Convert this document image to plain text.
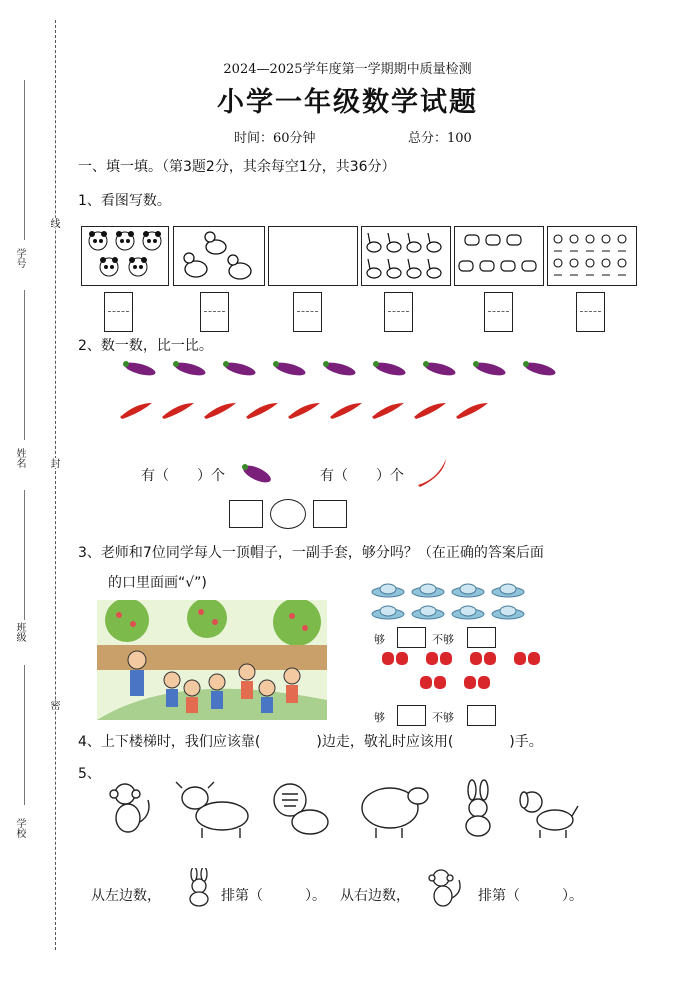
学号
姓名
班级
学校
线
封
密
2024—2025学年度第一学期期中质量检测
小学一年级数学试题
时间：60分钟	总分：100
一、填一填。（第3题2分，其余每空1分，共36分）
1、看图写数。
2、数一数，比一比。
有（　　）个	有（　　）个
3、老师和7位同学每人一顶帽子，一副手套，够分吗？（在正确的答案后面
的口里面画“√”)
够	不够
够	不够
4、上下楼梯时，我们应该靠(　　　　)边走，敬礼时应该用(　　　　)手。
5、
从左边数，	排第（　　　）。 从右边数，	排第（　　　）。
